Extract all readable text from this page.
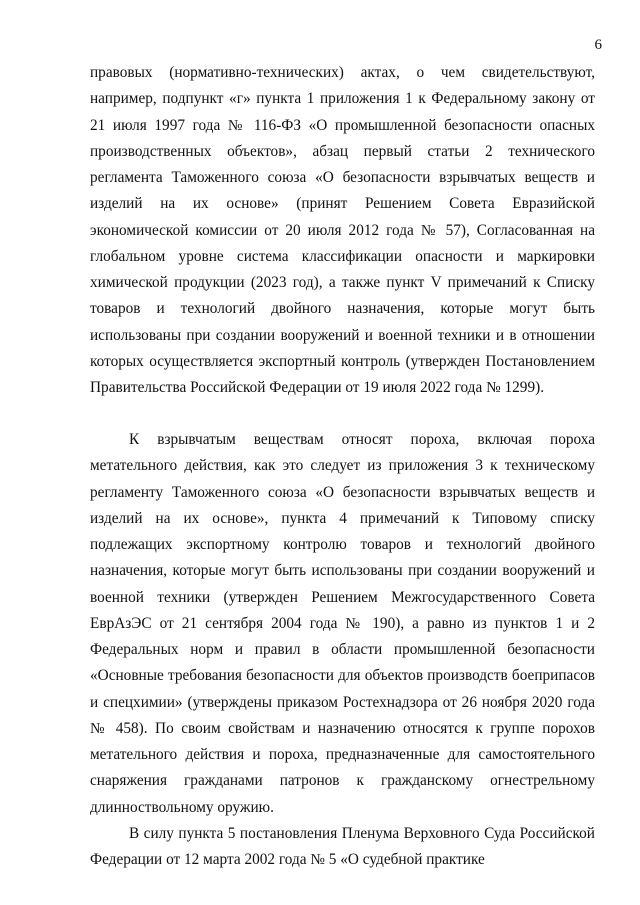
6

правовых (нормативно-технических) актах, о чем свидетельствуют, например, подпункт «г» пункта 1 приложения 1 к Федеральному закону от 21 июля 1997 года № 116-ФЗ «О промышленной безопасности опасных производственных объектов», абзац первый статьи 2 технического регламента Таможенного союза «О безопасности взрывчатых веществ и изделий на их основе» (принят Решением Совета Евразийской экономической комиссии от 20 июля 2012 года № 57), Согласованная на глобальном уровне система классификации опасности и маркировки химической продукции (2023 год), а также пункт V примечаний к Списку товаров и технологий двойного назначения, которые могут быть использованы при создании вооружений и военной техники и в отношении которых осуществляется экспортный контроль (утвержден Постановлением Правительства Российской Федерации от 19 июля 2022 года № 1299).

К взрывчатым веществам относят пороха, включая пороха метательного действия, как это следует из приложения 3 к техническому регламенту Таможенного союза «О безопасности взрывчатых веществ и изделий на их основе», пункта 4 примечаний к Типовому списку подлежащих экспортному контролю товаров и технологий двойного назначения, которые могут быть использованы при создании вооружений и военной техники (утвержден Решением Межгосударственного Совета ЕврАзЭС от 21 сентября 2004 года № 190), а равно из пунктов 1 и 2 Федеральных норм и правил в области промышленной безопасности «Основные требования безопасности для объектов производств боеприпасов и спецхимии» (утверждены приказом Ростехнадзора от 26 ноября 2020 года № 458). По своим свойствам и назначению относятся к группе порохов метательного действия и пороха, предназначенные для самостоятельного снаряжения гражданами патронов к гражданскому огнестрельному длинноствольному оружию.

В силу пункта 5 постановления Пленума Верховного Суда Российской Федерации от 12 марта 2002 года № 5 «О судебной практике
